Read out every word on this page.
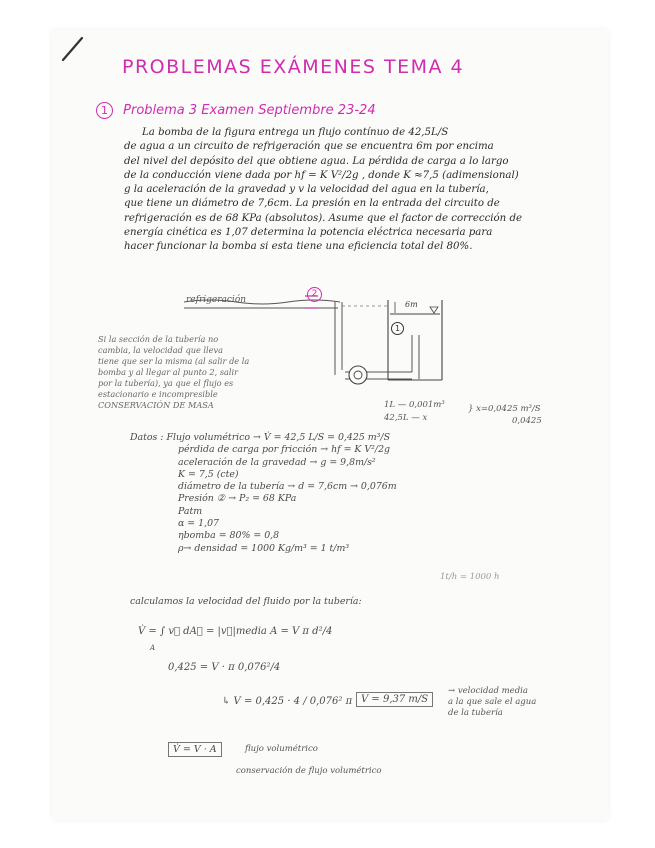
PROBLEMAS EXÁMENES TEMA 4
1 Problema 3 Examen Septiembre 23-24

La bomba de la figura entrega un flujo contínuo de 42,5L/S

de agua a un circuito de refrigeración que se encuentra 6m por encima

del nivel del depósito del que obtiene agua. La pérdida de carga a lo largo

de la conducción viene dada por hf = K V²/2g , donde K ≈7,5 (adimensional)

g la aceleración de la gravedad y v la velocidad del agua en la tubería,

que tiene un diámetro de 7,6cm. La presión en la entrada del circuito de

refrigeración es de 68 KPa (absolutos). Asume que el factor de corrección de

energía cinética es 1,07 determina la potencia eléctrica necesaria para

hacer funcionar la bomba si esta tiene una eficiencia total del 80%.

refrigeración
2
1
6m

Si la sección de la tubería no

cambia, la velocidad que lleva

tiene que ser la misma (al salir de la

bomba y al llegar al punto 2, salir

por la tubería), ya que el flujo es

estacionario e incompresible

CONSERVACIÓN DE MASA	1L — 0,001m³
42,5L — x
} x=0,0425 m³/S
0,0425

Datos : Flujo volumétrico → V̇ = 42,5 L/S = 0,425 m³/S

pérdida de carga por fricción → hf = K V²/2g

aceleración de la gravedad → g = 9,8m/s²

K = 7,5 (cte)

diámetro de la tubería → d = 7,6cm → 0,076m

Presión ② → P₂ = 68 KPa

Patm

α = 1,07

ηbomba = 80% = 0,8

ρ→ densidad = 1000 Kg/m³ = 1 t/m³

1t/h = 1000 h
calculamos la velocidad del fluido por la tubería:
V̇ = ∫ v⃗ dA⃗ = |v⃗|media A = V π d²/4
A
0,425 = V · π 0,076²/4
↳ V = 0,425 · 4 / 0,076² π V = 9,37 m/S
→ velocidad media
a la que sale el agua
de la tubería
V̇ = V · A	flujo volumétrico
conservación de flujo volumétrico
